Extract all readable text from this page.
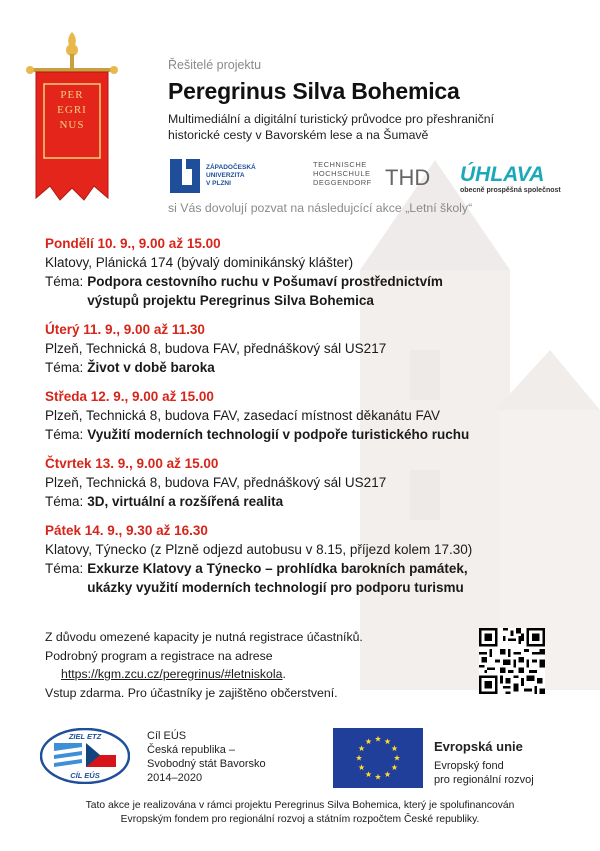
PER
EGRI
NUS
Řešitelé projektu
Peregrinus Silva Bohemica
Multimediální a digitální turistický průvodce pro přeshraniční
historické cesty v Bavorském lese a na Šumavě
ZÁPADOČESKÁ
UNIVERZITA
V PLZNI
TECHNISCHE
HOCHSCHULE
DEGGENDORF THD ÚHLAVA
obecně prospěšná společnost
si Vás dovolují pozvat na následujcící akce „Letní školy“
Pondělí 10. 9., 9.00 až 15.00
Klatovy, Plánická 174 (bývalý dominikánský klášter)
Téma: Podpora cestovního ruchu v Pošumaví prostřednictvím
výstupů projektu Peregrinus Silva Bohemica
Úterý 11. 9., 9.00 až 11.30
Plzeň, Technická 8, budova FAV, přednáškový sál US217
Téma: Život v době baroka
Středa 12. 9., 9.00 až 15.00
Plzeň, Technická 8, budova FAV, zasedací místnost děkanátu FAV
Téma: Využití moderních technologií v podpoře turistického ruchu
Čtvrtek 13. 9., 9.00 až 15.00
Plzeň, Technická 8, budova FAV, přednáškový sál US217
Téma: 3D, virtuální a rozšířená realita
Pátek 14. 9., 9.30 až 16.30
Klatovy, Týnecko (z Plzně odjezd autobusu v 8.15, příjezd kolem 17.30)
Téma: Exkurze Klatovy a Týnecko – prohlídka barokních památek,
ukázky využití moderních technologií pro podporu turismu
Z důvodu omezené kapacity je nutná registrace účastníků.
Podrobný program a registrace na adrese
https://kgm.zcu.cz/peregrinus/#letniskola.
Vstup zdarma. Pro účastníky je zajištěno občerstvení.
ZIEL ETZ
CÍL EÚS
Cíl EÚS
Česká republika –
Svobodný stát Bavorsko
2014–2020
Evropská unie
Evropský fond
pro regionální rozvoj
Tato akce je realizována v rámci projektu Peregrinus Silva Bohemica, který je spolufinancován
Evropským fondem pro regionální rozvoj a státním rozpočtem České republiky.
